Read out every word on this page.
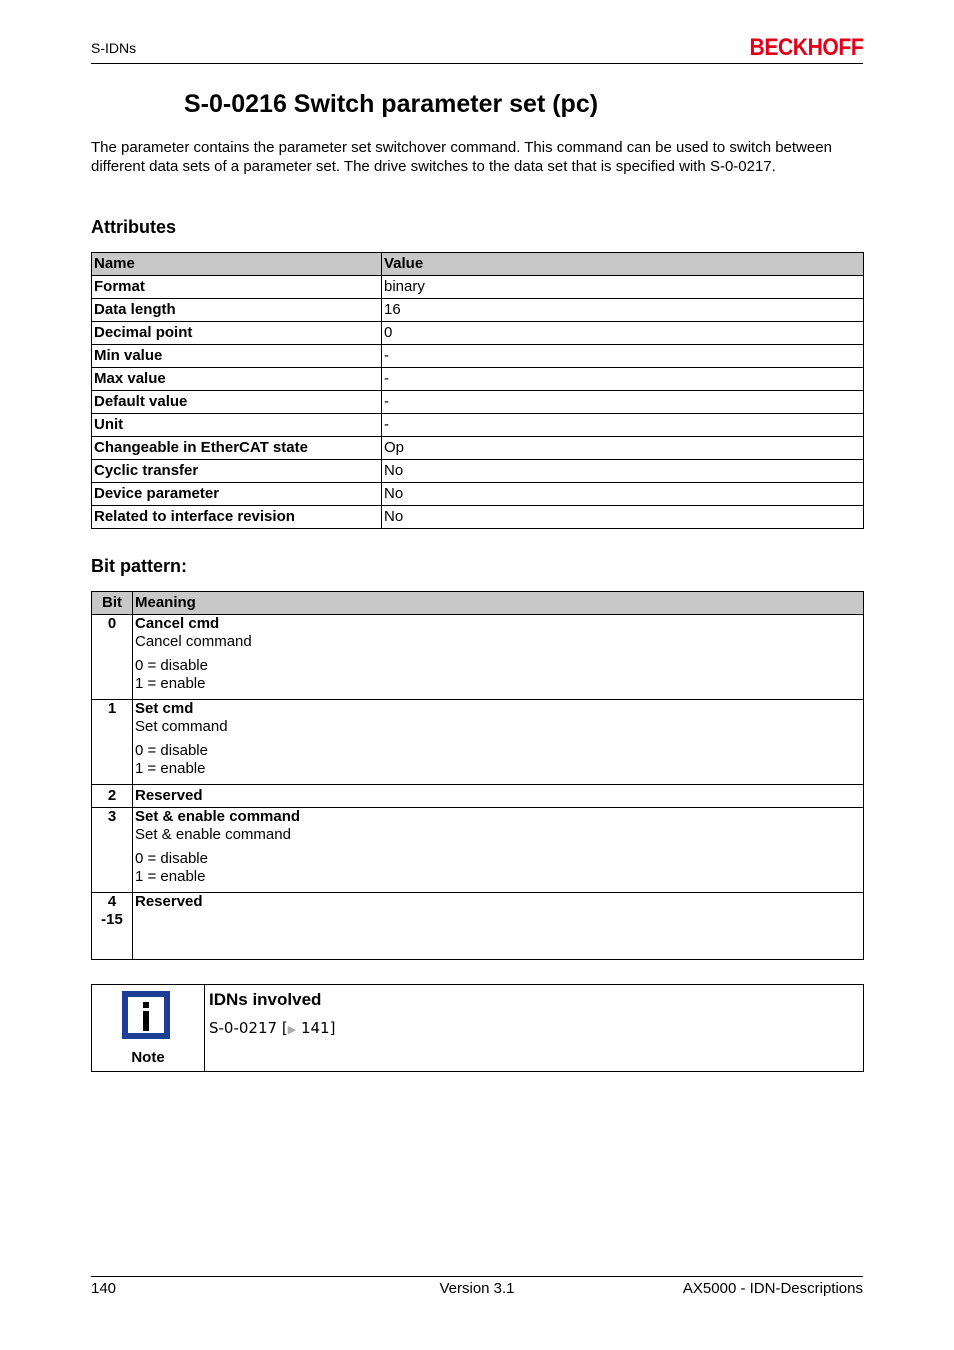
S-IDNs	BECKHOFF
S-0-0216 Switch parameter set (pc)

The parameter contains the parameter set switchover command. This command can be used to switch between different data sets of a parameter set. The drive switches to the data set that is specified with S-0-0217.

Attributes
Name	Value
Format	binary
Data length	16
Decimal point	0
Min value	-
Max value	-
Default value	-
Unit	-
Changeable in EtherCAT state	Op
Cyclic transfer	No
Device parameter	No
Related to interface revision	No
Bit pattern:
Bit	Meaning
0	Cancel cmd
Cancel command
0 = disable
1 = enable

1	Set cmd
Set command
0 = disable
1 = enable

2	Reserved

3	Set & enable command
Set & enable command
0 = disable
1 = enable

4
-15	Reserved
Note
IDNs involved
S-0-0217 [▶ 141]
140	Version 3.1	AX5000 - IDN-Descriptions
